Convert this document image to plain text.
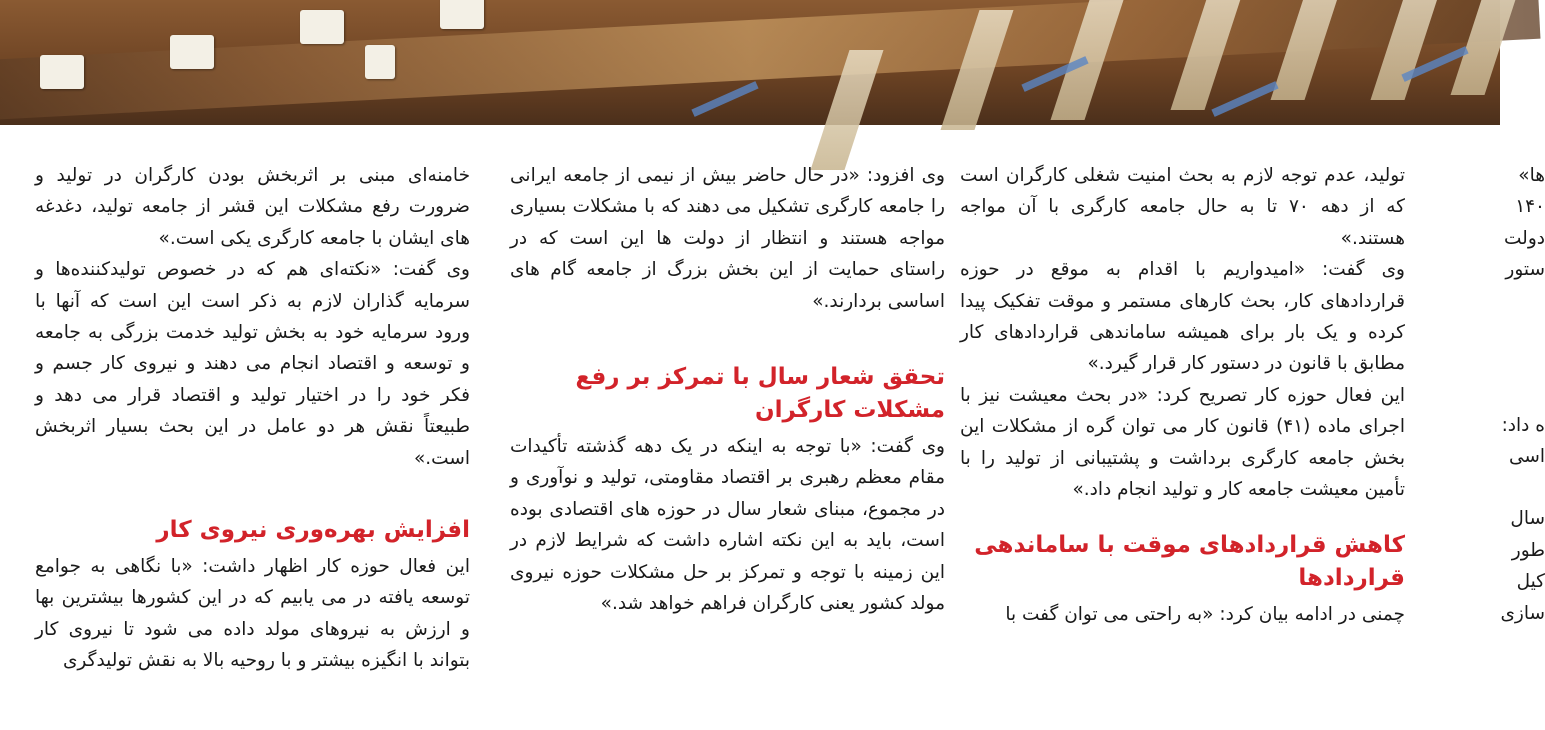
تولید، عدم توجه لازم به بحث امنیت شغلی کارگران است که از دهه ۷۰ تا به حال جامعه کارگری با آن مواجه هستند.»

وی گفت: «امیدواریم با اقدام به موقع در حوزه قراردادهای کار، بحث کارهای مستمر و موقت تفکیک پیدا کرده و یک بار برای همیشه ساماندهی قراردادهای کار مطابق با قانون در دستور کار قرار گیرد.»

این فعال حوزه کار تصریح کرد: «در بحث معیشت نیز با اجرای ماده (۴۱) قانون کار می توان گره از مشکلات این بخش جامعه کارگری برداشت و پشتیبانی از تولید را با تأمین معیشت جامعه کار و تولید انجام داد.»

کاهش قراردادهای موقت با ساماندهی قراردادها

چمنی در ادامه بیان کرد: «به راحتی می توان گفت با

وی افزود: «در حال حاضر بیش از نیمی از جامعه ایرانی را جامعه کارگری تشکیل می دهند که با مشکلات بسیاری مواجه هستند و انتظار از دولت ها این است که در راستای حمایت از این بخش بزرگ از جامعه گام های اساسی بردارند.»

تحقق شعار سال با تمرکز بر رفع مشکلات کارگران

وی گفت: «با توجه به اینکه در یک دهه گذشته تأکیدات مقام معظم رهبری بر اقتصاد مقاومتی، تولید و نوآوری و در مجموع، مبنای شعار سال در حوزه های اقتصادی بوده است، باید به این نکته اشاره داشت که شرایط لازم در این زمینه با توجه و تمرکز بر حل مشکلات حوزه نیروی مولد کشور یعنی کارگران فراهم خواهد شد.»

خامنه‌ای مبنی بر اثربخش بودن کارگران در تولید و ضرورت رفع مشکلات این قشر از جامعه تولید، دغدغه های ایشان با جامعه کارگری یکی است.»

وی گفت: «نکته‌ای هم که در خصوص تولیدکننده‌ها و سرمایه گذاران لازم به ذکر است این است که آنها با ورود سرمایه خود به بخش تولید خدمت بزرگی به جامعه و توسعه و اقتصاد انجام می دهند و نیروی کار جسم و فکر خود را در اختیار تولید و اقتصاد قرار می دهد و طبیعتاً نقش هر دو عامل در این بحث بسیار اثربخش است.»

افزایش بهره‌وری نیروی کار

این فعال حوزه کار اظهار داشت: «با نگاهی به جوامع توسعه یافته در می یابیم که در این کشورها بیشترین بها و ارزش به نیروهای مولد داده می شود تا نیروی کار بتواند با انگیزه بیشتر و با روحیه بالا به نقش تولیدگری

ها»
۱۴۰
دولت
ستور
ه داد:
اسی
سال
طور
کیل
سازی
